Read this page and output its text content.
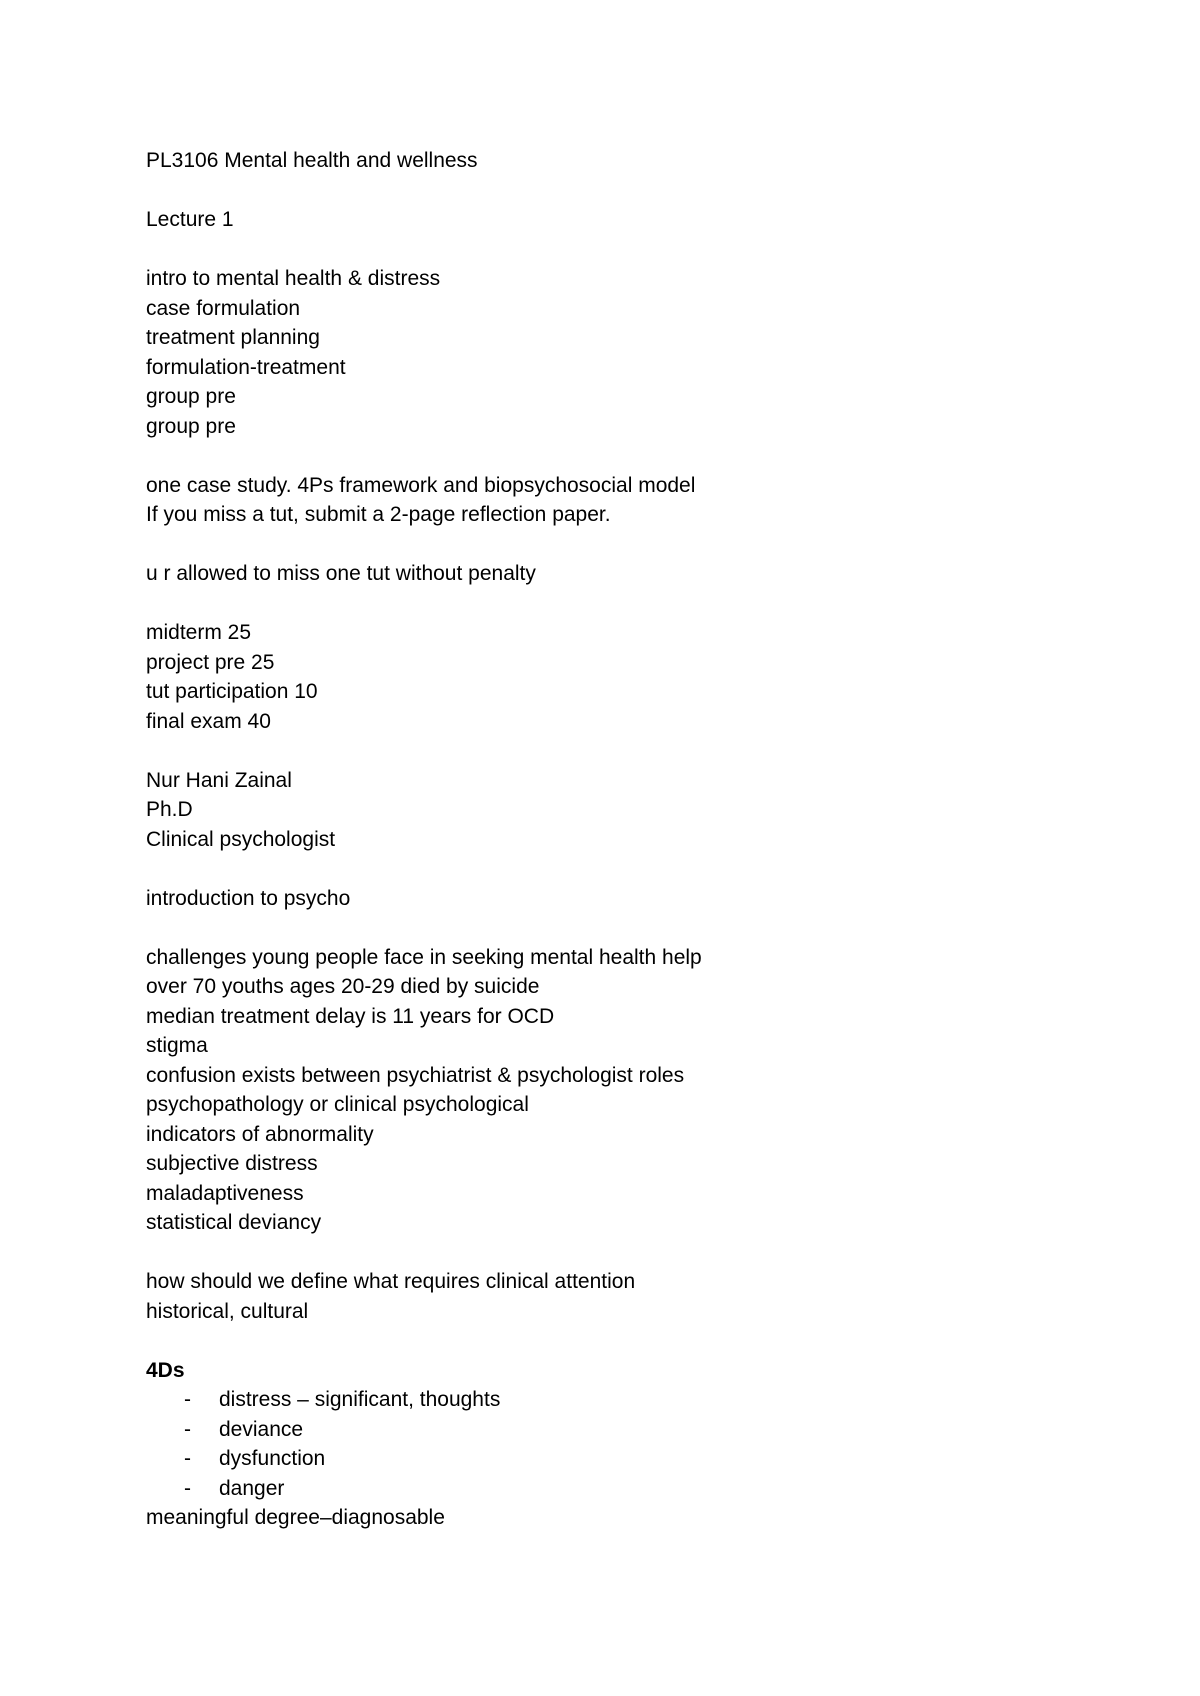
PL3106 Mental health and wellness
Lecture 1
intro to mental health & distress
case formulation
treatment planning
formulation-treatment
group pre
group pre
one case study. 4Ps framework and biopsychosocial model
If you miss a tut, submit a 2-page reflection paper.
u r allowed to miss one tut without penalty
midterm 25
project pre 25
tut participation 10
final exam 40
Nur Hani Zainal
Ph.D
Clinical psychologist
introduction to psycho
challenges young people face in seeking mental health help
over 70 youths ages 20-29 died by suicide
median treatment delay is 11 years for OCD
stigma
confusion exists between psychiatrist & psychologist roles
psychopathology or clinical psychological
indicators of abnormality
subjective distress
maladaptiveness
statistical deviancy
how should we define what requires clinical attention
historical, cultural
4Ds
-	distress – significant, thoughts
-	deviance
-	dysfunction
-	danger
meaningful degree–diagnosable
